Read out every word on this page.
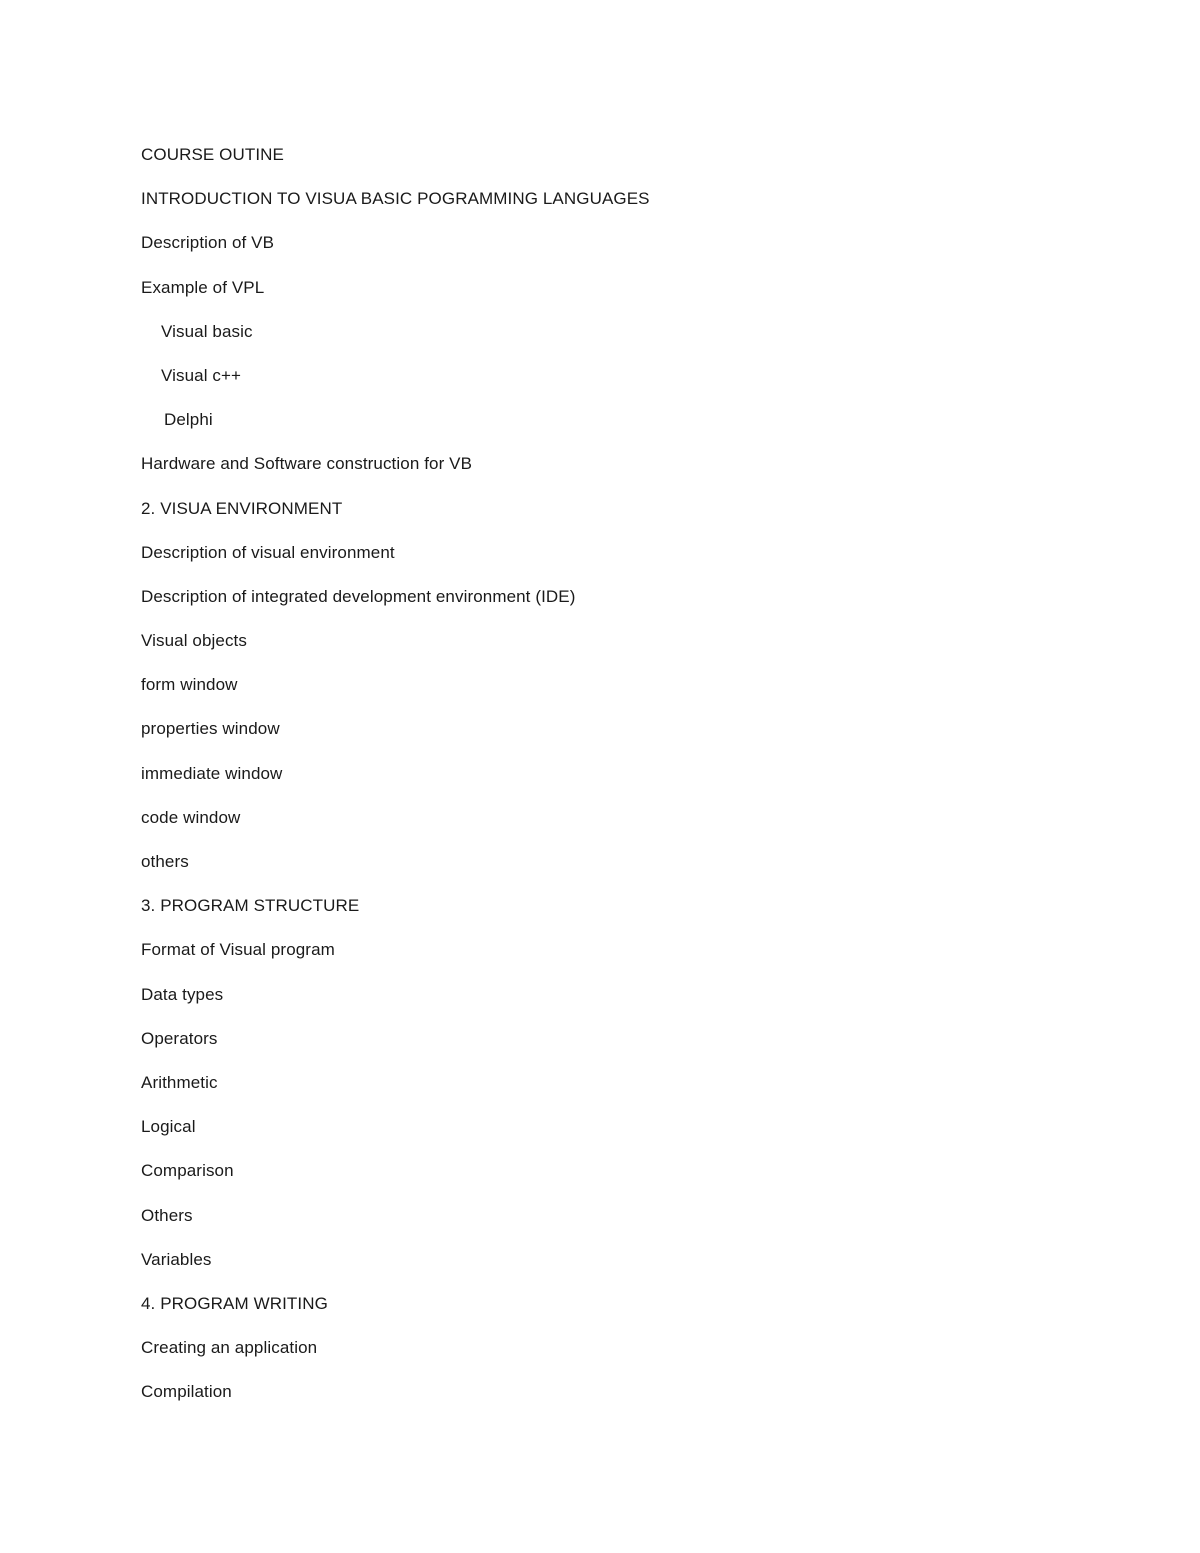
COURSE OUTINE
INTRODUCTION TO VISUA BASIC POGRAMMING LANGUAGES
Description of VB
Example of VPL
Visual basic
Visual c++
Delphi
Hardware and Software construction for VB
2. VISUA ENVIRONMENT
Description of visual environment
Description of integrated development environment (IDE)
Visual objects
form window
properties window
immediate window
code window
others
3. PROGRAM STRUCTURE
Format of Visual program
Data types
Operators
Arithmetic
Logical
Comparison
Others
Variables
4. PROGRAM WRITING
Creating an application
Compilation
